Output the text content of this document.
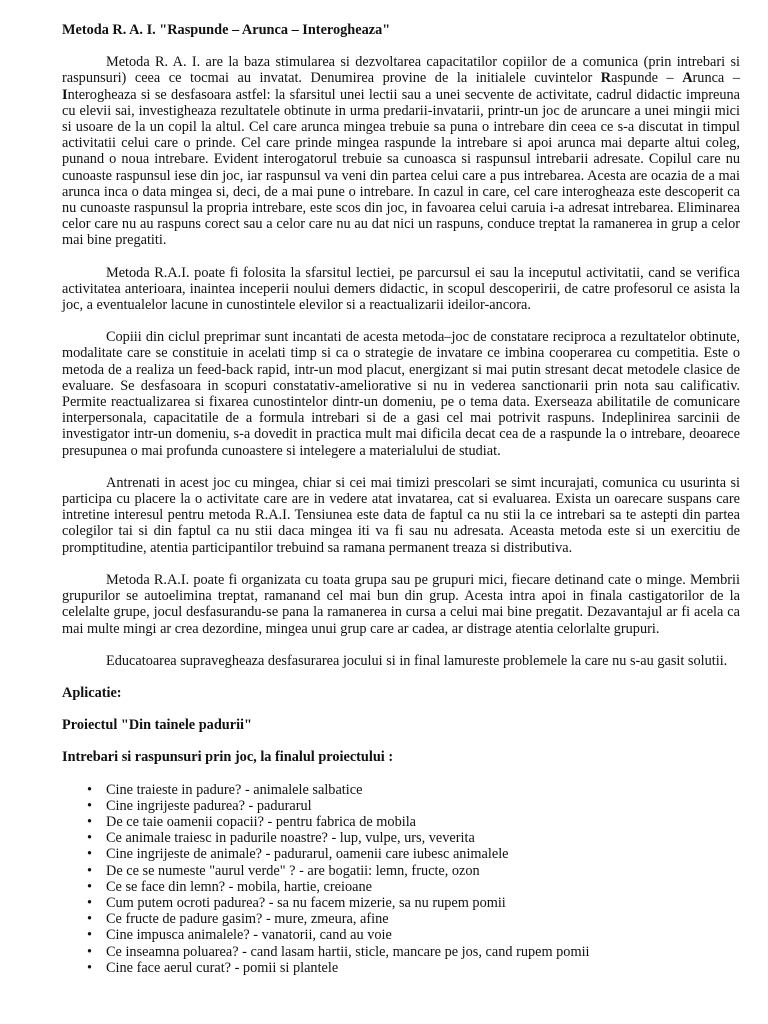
Metoda R. A. I. "Raspunde – Arunca – Interogheaza"

Metoda R. A. I. are la baza stimularea si dezvoltarea capacitatilor copiilor de a comunica (prin intrebari si raspunsuri) ceea ce tocmai au invatat. Denumirea provine de la initialele cuvintelor Raspunde – Arunca – Interogheaza si se desfasoara astfel: la sfarsitul unei lectii sau a unei secvente de activitate, cadrul didactic impreuna cu elevii sai, investigheaza rezultatele obtinute in urma predarii-invatarii, printr-un joc de aruncare a unei mingii mici si usoare de la un copil la altul. Cel care arunca mingea trebuie sa puna o intrebare din ceea ce s-a discutat in timpul activitatii celui care o prinde. Cel care prinde mingea raspunde la intrebare si apoi arunca mai departe altui coleg, punand o noua intrebare. Evident interogatorul trebuie sa cunoasca si raspunsul intrebarii adresate. Copilul care nu cunoaste raspunsul iese din joc, iar raspunsul va veni din partea celui care a pus intrebarea. Acesta are ocazia de a mai arunca inca o data mingea si, deci, de a mai pune o intrebare. In cazul in care, cel care interogheaza este descoperit ca nu cunoaste raspunsul la propria intrebare, este scos din joc, in favoarea celui caruia i-a adresat intrebarea. Eliminarea celor care nu au raspuns corect sau a celor care nu au dat nici un raspuns, conduce treptat la ramanerea in grup a celor mai bine pregatiti.

Metoda R.A.I. poate fi folosita la sfarsitul lectiei, pe parcursul ei sau la inceputul activitatii, cand se verifica activitatea anterioara, inaintea inceperii noului demers didactic, in scopul descoperirii, de catre profesorul ce asista la joc, a eventualelor lacune in cunostintele elevilor si a reactualizarii ideilor-ancora.

Copiii din ciclul preprimar sunt incantati de acesta metoda–joc de constatare reciproca a rezultatelor obtinute, modalitate care se constituie in acelati timp si ca o strategie de invatare ce imbina cooperarea cu competitia. Este o metoda de a realiza un feed-back rapid, intr-un mod placut, energizant si mai putin stresant decat metodele clasice de evaluare. Se desfasoara in scopuri constatativ-ameliorative si nu in vederea sanctionarii prin nota sau calificativ. Permite reactualizarea si fixarea cunostintelor dintr-un domeniu, pe o tema data. Exerseaza abilitatile de comunicare interpersonala, capacitatile de a formula intrebari si de a gasi cel mai potrivit raspuns. Indeplinirea sarcinii de investigator intr-un domeniu, s-a dovedit in practica mult mai dificila decat cea de a raspunde la o intrebare, deoarece presupunea o mai profunda cunoastere si intelegere a materialului de studiat.

Antrenati in acest joc cu mingea, chiar si cei mai timizi prescolari se simt incurajati, comunica cu usurinta si participa cu placere la o activitate care are in vedere atat invatarea, cat si evaluarea. Exista un oarecare suspans care intretine interesul pentru metoda R.A.I. Tensiunea este data de faptul ca nu stii la ce intrebari sa te astepti din partea colegilor tai si din faptul ca nu stii daca mingea iti va fi sau nu adresata. Aceasta metoda este si un exercitiu de promptitudine, atentia participantilor trebuind sa ramana permanent treaza si distributiva.

Metoda R.A.I. poate fi organizata cu toata grupa sau pe grupuri mici, fiecare detinand cate o minge. Membrii grupurilor se autoelimina treptat, ramanand cel mai bun din grup. Acesta intra apoi in finala castigatorilor de la celelalte grupe, jocul desfasurandu-se pana la ramanerea in cursa a celui mai bine pregatit. Dezavantajul ar fi acela ca mai multe mingi ar crea dezordine, mingea unui grup care ar cadea, ar distrage atentia celorlalte grupuri.

Educatoarea supravegheaza desfasurarea jocului si in final lamureste problemele la care nu s-au gasit solutii.

Aplicatie:
Proiectul "Din tainele padurii"
Intrebari si raspunsuri prin joc, la finalul proiectului :
• Cine traieste in padure? - animalele salbatice
• Cine ingrijeste padurea? - padurarul
• De ce taie oamenii copacii? - pentru fabrica de mobila
• Ce animale traiesc in padurile noastre? - lup, vulpe, urs, veverita
• Cine ingrijeste de animale? - padurarul, oamenii care iubesc animalele
• De ce se numeste "aurul verde" ? - are bogatii: lemn, fructe, ozon
• Ce se face din lemn? - mobila, hartie, creioane
• Cum putem ocroti padurea? - sa nu facem mizerie, sa nu rupem pomii
• Ce fructe de padure gasim? - mure, zmeura, afine
• Cine impusca animalele? - vanatorii, cand au voie
• Ce inseamna poluarea? - cand lasam hartii, sticle, mancare pe jos, cand rupem pomii
• Cine face aerul curat? - pomii si plantele
